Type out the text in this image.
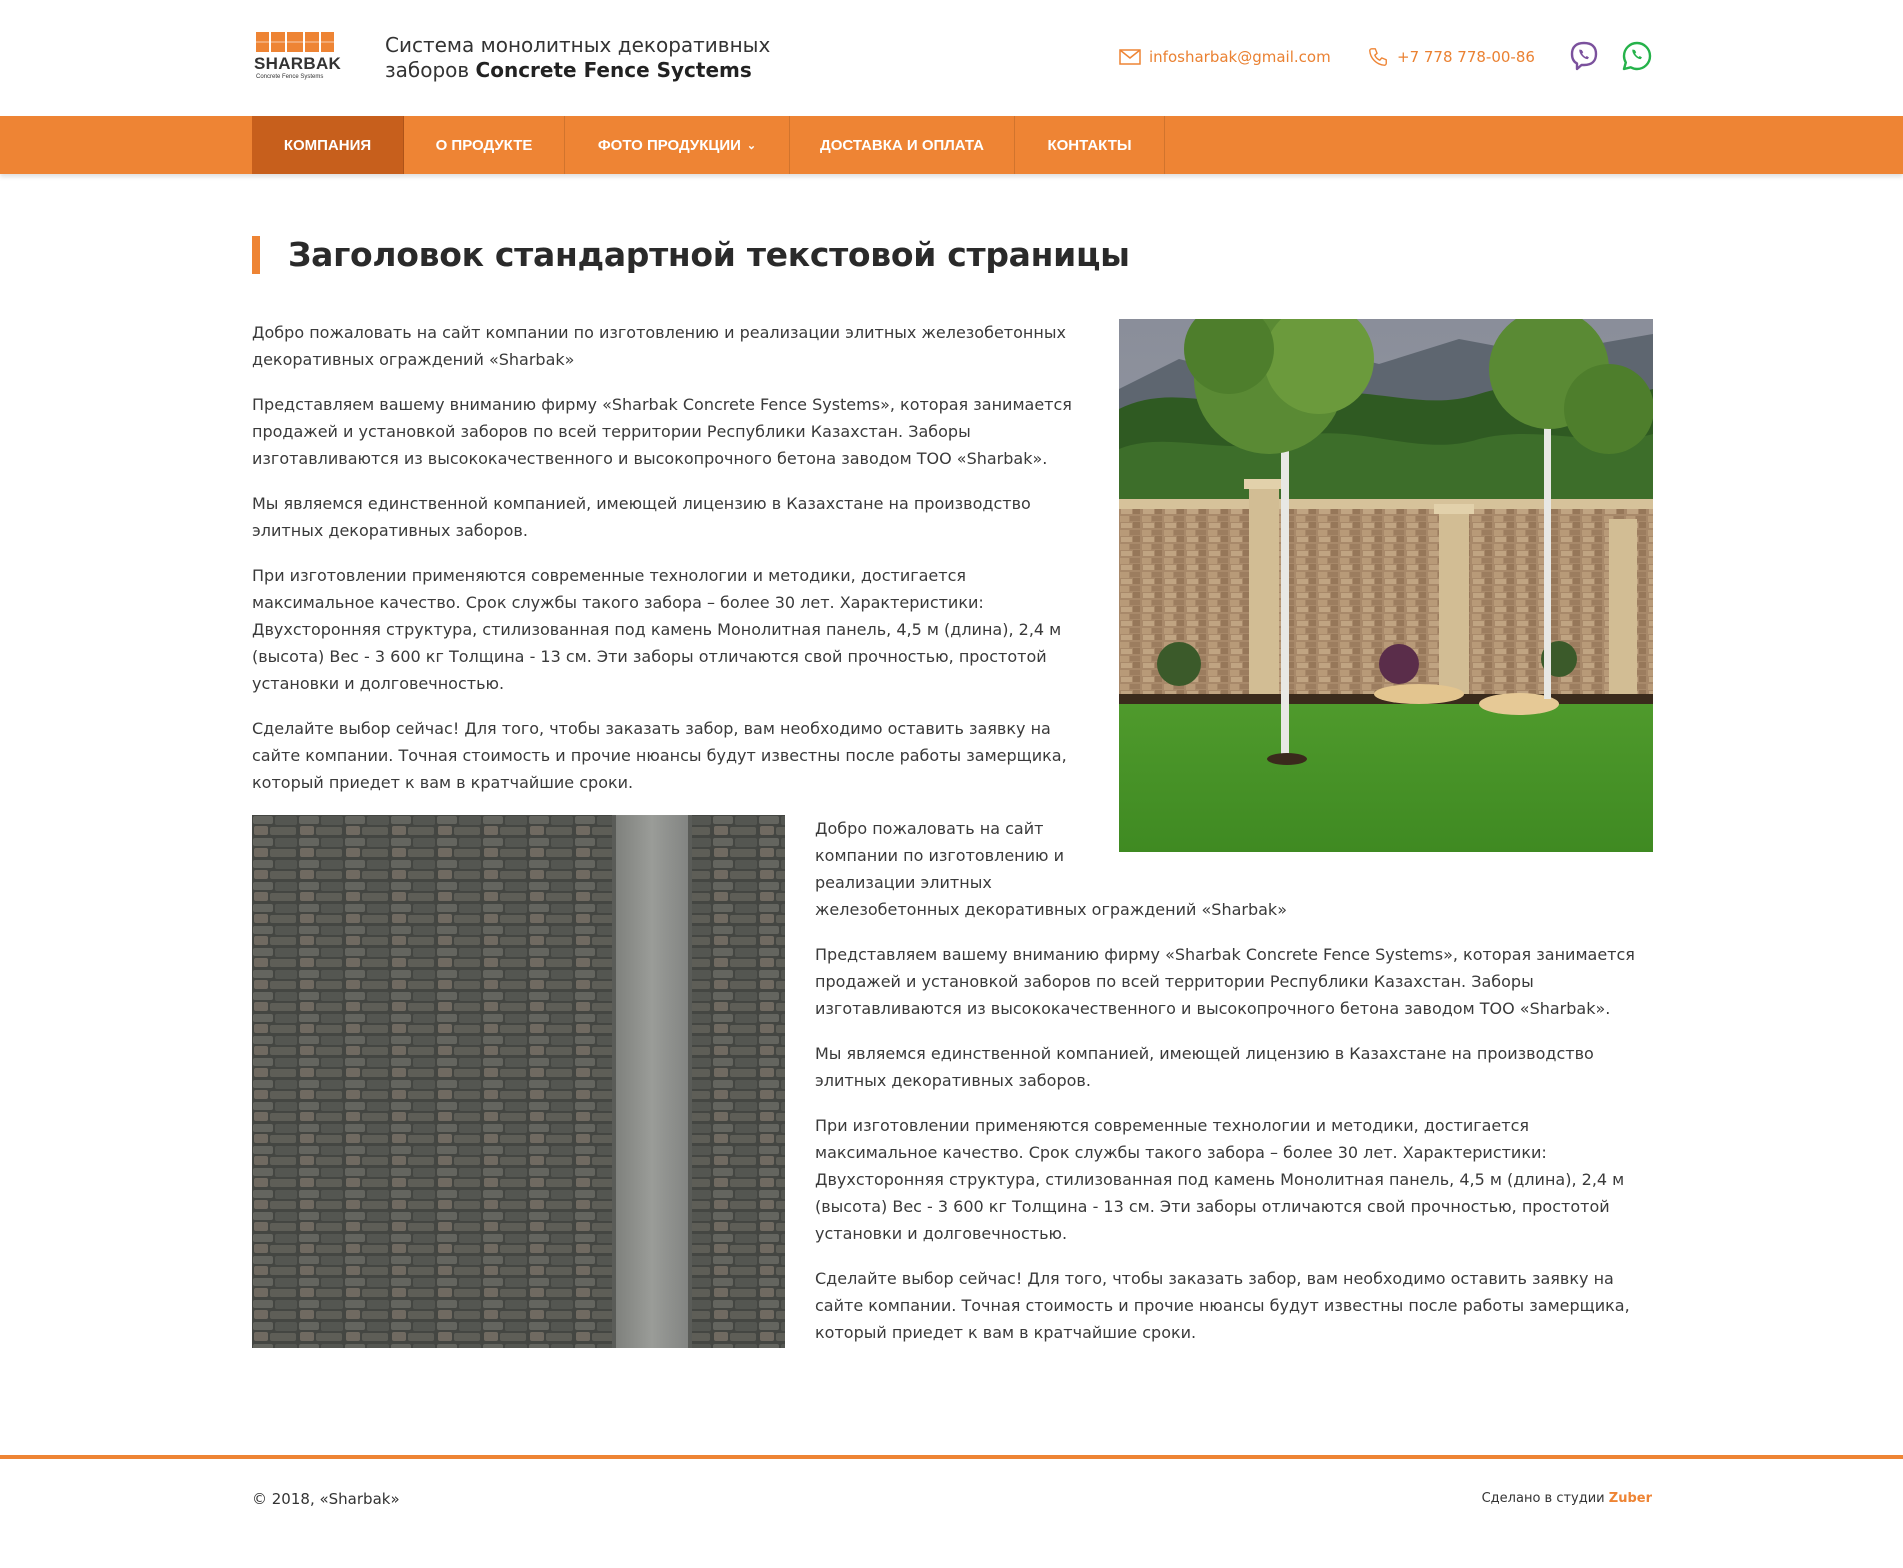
SHARBAK
Concrete Fence Systems
Система монолитных декоративных
заборов Concrete Fence Syctems
infosharbak@gmail.com	+7 778 778-00-86
КОМПАНИЯ	О ПРОДУКТЕ	ФОТО ПРОДУКЦИИ ⌄	ДОСТАВКА И ОПЛАТА	КОНТАКТЫ
Заголовок стандартной текстовой страницы

Добро пожаловать на сайт компании по изготовлению и реализации элитных железобетонных декоративных ограждений «Sharbak»

Представляем вашему вниманию фирму «Sharbak Concrete Fence Systems», которая занимается продажей и установкой заборов по всей территории Республики Казахстан. Заборы изготавливаются из высококачественного и высокопрочного бетона заводом ТОО «Sharbak».

Мы являемся единственной компанией, имеющей лицензию в Казахстане на производство элитных декоративных заборов.

При изготовлении применяются современные технологии и методики, достигается максимальное качество. Срок службы такого забора – более 30 лет. Характеристики: Двухсторонняя структура, стилизованная под камень Монолитная панель, 4,5 м (длина), 2,4 м (высота) Вес - 3 600 кг Толщина - 13 см. Эти заборы отличаются свой прочностью, простотой установки и долговечностью.

Сделайте выбор сейчас! Для того, чтобы заказать забор, вам необходимо оставить заявку на сайте компании. Точная стоимость и прочие нюансы будут известны после работы замерщика, который приедет к вам в кратчайшие сроки.

Добро пожаловать на сайт компании по изготовлению и реализации элитных железобетонных декоративных ограждений «Sharbak»

Представляем вашему вниманию фирму «Sharbak Concrete Fence Systems», которая занимается продажей и установкой заборов по всей территории Республики Казахстан. Заборы изготавливаются из высококачественного и высокопрочного бетона заводом ТОО «Sharbak».

Мы являемся единственной компанией, имеющей лицензию в Казахстане на производство элитных декоративных заборов.

При изготовлении применяются современные технологии и методики, достигается максимальное качество. Срок службы такого забора – более 30 лет. Характеристики: Двухсторонняя структура, стилизованная под камень Монолитная панель, 4,5 м (длина), 2,4 м (высота) Вес - 3 600 кг Толщина - 13 см. Эти заборы отличаются свой прочностью, простотой установки и долговечностью.

Сделайте выбор сейчас! Для того, чтобы заказать забор, вам необходимо оставить заявку на сайте компании. Точная стоимость и прочие нюансы будут известны после работы замерщика, который приедет к вам в кратчайшие сроки.

© 2018, «Sharbak»	Сделано в студии Zuber
